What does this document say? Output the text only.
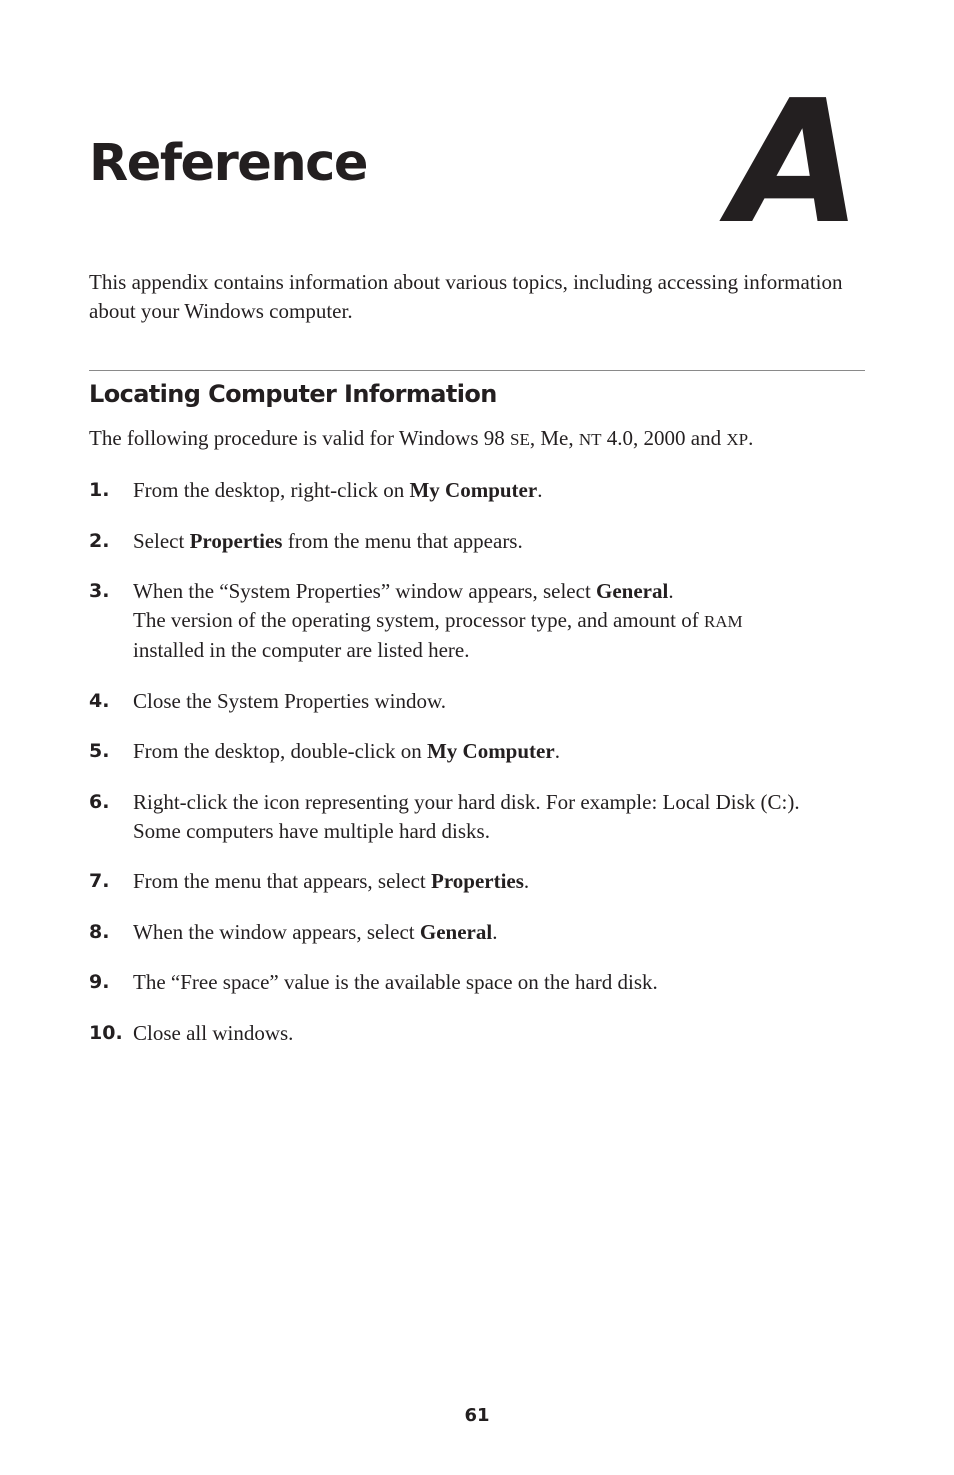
Reference A

This appendix contains information about various topics, including accessing information about your Windows computer.

Locating Computer Information

The following procedure is valid for Windows 98 SE, Me, NT 4.0, 2000 and XP.

1. From the desktop, right-click on My Computer.
2. Select Properties from the menu that appears.
3. When the “System Properties” window appears, select General.
The version of the operating system, processor type, and amount of RAM
installed in the computer are listed here.
4. Close the System Properties window.
5. From the desktop, double-click on My Computer.
6. Right-click the icon representing your hard disk. For example: Local Disk (C:).
Some computers have multiple hard disks.
7. From the menu that appears, select Properties.
8. When the window appears, select General.
9. The “Free space” value is the available space on the hard disk.
10. Close all windows.
61
